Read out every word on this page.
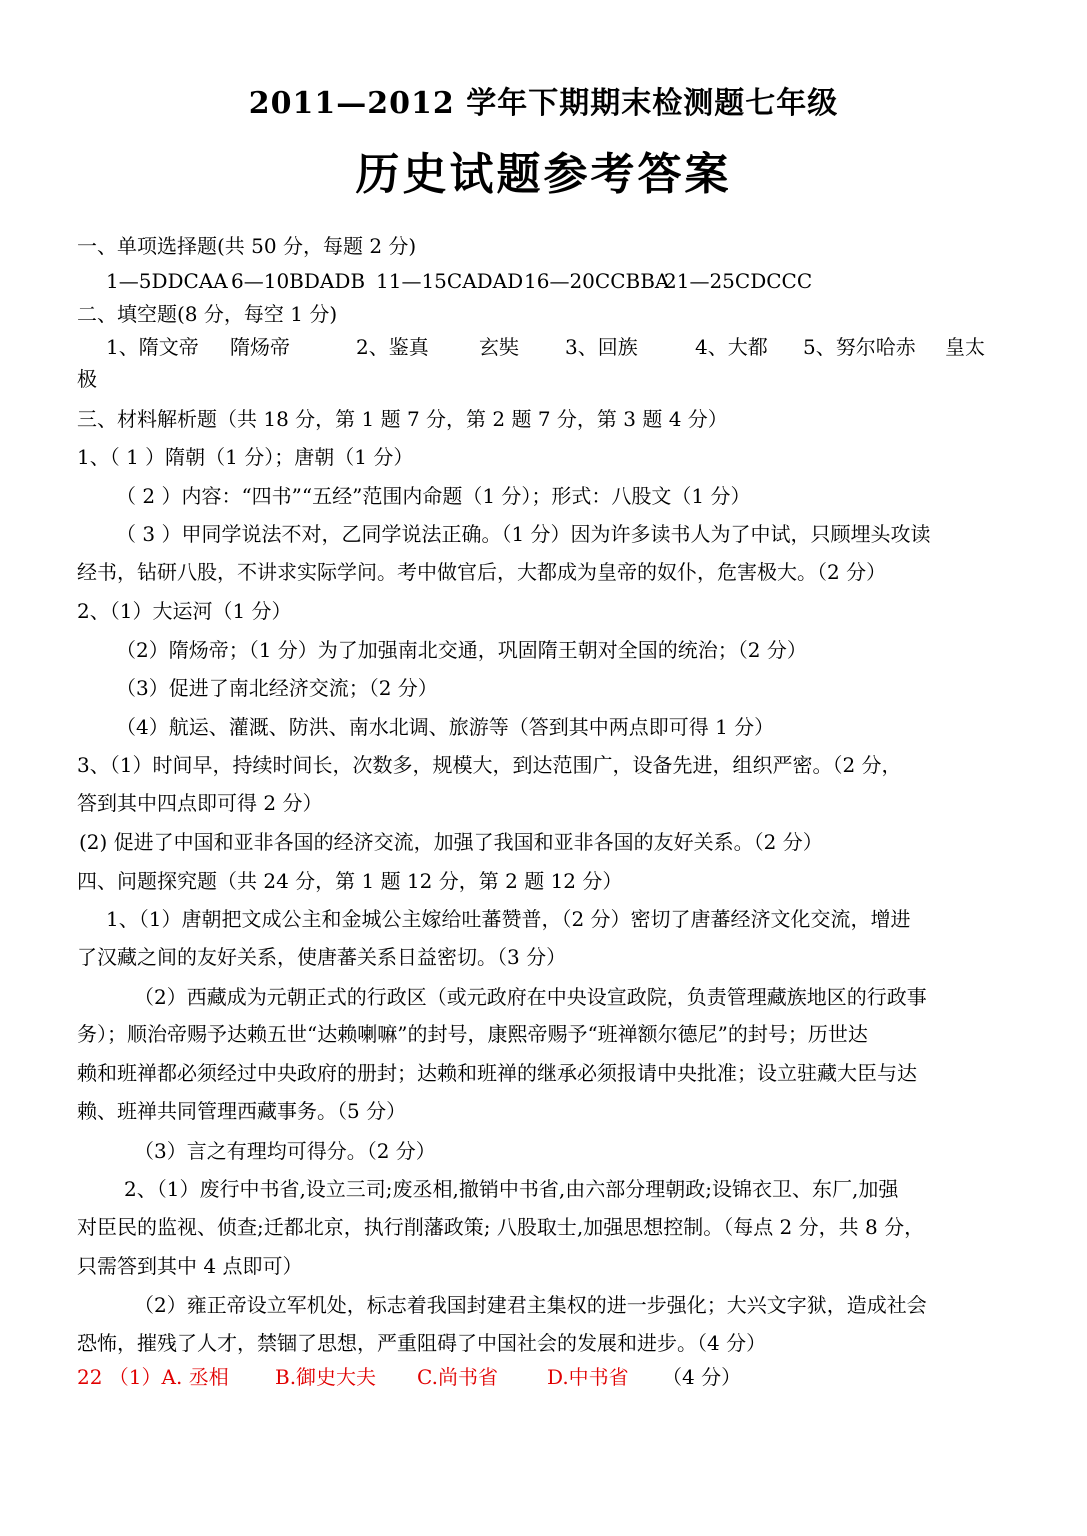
2011—2012 学年下期期末检测题七年级
历史试题参考答案
一、单项选择题(共 50 分，每题 2 分)
1—5DDCAA 6—10BDADB 11—15CADAD16—20CCBBA21—25CDCCC
二、填空题(8 分，每空 1 分)
1、隋文帝 隋炀帝	2、鉴真	玄奘 3、回族	4、大都 5、努尔哈赤 皇太
极
三、材料解析题（共 18 分，第 1 题 7 分，第 2 题 7 分，第 3 题 4 分）
1、（ 1 ）隋朝（1 分）；唐朝（1 分）
（ 2 ）内容：“四书”“五经”范围内命题（1 分）；形式：八股文（1 分）
（ 3 ）甲同学说法不对，乙同学说法正确。（1 分）因为许多读书人为了中试，只顾埋头攻读
经书，钻研八股，不讲求实际学问。考中做官后，大都成为皇帝的奴仆，危害极大。（2 分）
2、（1）大运河（1 分）
（2）隋炀帝；（1 分）为了加强南北交通，巩固隋王朝对全国的统治；（2 分）
（3）促进了南北经济交流；（2 分）
（4）航运、灌溉、防洪、南水北调、旅游等（答到其中两点即可得 1 分）
3、（1）时间早，持续时间长，次数多，规模大，到达范围广，设备先进，组织严密。（2 分，
答到其中四点即可得 2 分）
(2) 促进了中国和亚非各国的经济交流，加强了我国和亚非各国的友好关系。（2 分）
四、问题探究题（共 24 分，第 1 题 12 分，第 2 题 12 分）
1、（1）唐朝把文成公主和金城公主嫁给吐蕃赞普，（2 分）密切了唐蕃经济文化交流，增进
了汉藏之间的友好关系，使唐蕃关系日益密切。（3 分）
（2）西藏成为元朝正式的行政区（或元政府在中央设宣政院，负责管理藏族地区的行政事
务）；顺治帝赐予达赖五世“达赖喇嘛”的封号，康熙帝赐予“班禅额尔德尼”的封号；历世达
赖和班禅都必须经过中央政府的册封；达赖和班禅的继承必须报请中央批准；设立驻藏大臣与达
赖、班禅共同管理西藏事务。（5 分）
（3）言之有理均可得分。（2 分）
2、（1）废行中书省,设立三司;废丞相,撤销中书省,由六部分理朝政;设锦衣卫、东厂,加强
对臣民的监视、侦查;迁都北京，执行削藩政策; 八股取士,加强思想控制。（每点 2 分，共 8 分，
只需答到其中 4 点即可）
（2）雍正帝设立军机处，标志着我国封建君主集权的进一步强化；大兴文字狱，造成社会
恐怖，摧残了人才，禁锢了思想，严重阻碍了中国社会的发展和进步。（4 分）
22 （1）A. 丞相 B.御史大夫 C.尚书省 D.中书省 （4 分）
